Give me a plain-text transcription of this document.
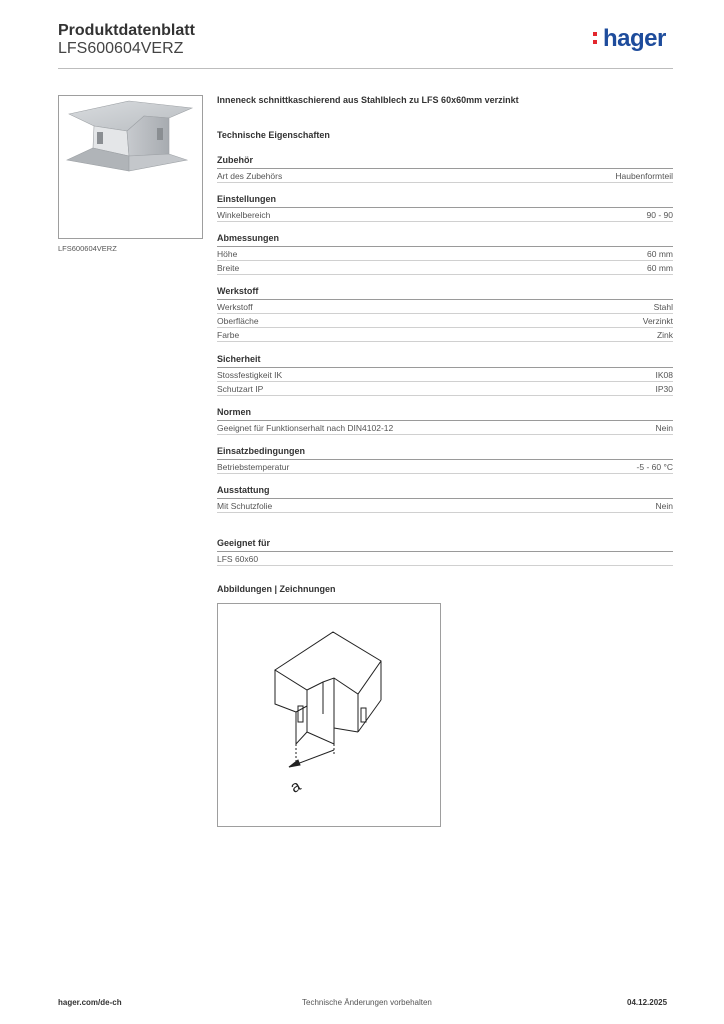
Produktdatenblatt
LFS600604VERZ	hager
LFS600604VERZ
Inneneck schnittkaschierend aus Stahlblech zu LFS 60x60mm verzinkt
Technische Eigenschaften
Zubehör
Art des Zubehörs	Haubenformteil
Einstellungen
Winkelbereich	90 - 90
Abmessungen
Höhe	60 mm
Breite	60 mm
Werkstoff
Werkstoff	Stahl
Oberfläche	Verzinkt
Farbe	Zink
Sicherheit
Stossfestigkeit IK	IK08
Schutzart IP	IP30
Normen
Geeignet für Funktionserhalt nach DIN4102-12	Nein
Einsatzbedingungen
Betriebstemperatur	-5 - 60 °C
Ausstattung
Mit Schutzfolie	Nein
Geeignet für
LFS 60x60
Abbildungen | Zeichnungen
a
hager.com/de-ch	Technische Änderungen vorbehalten	04.12.2025
